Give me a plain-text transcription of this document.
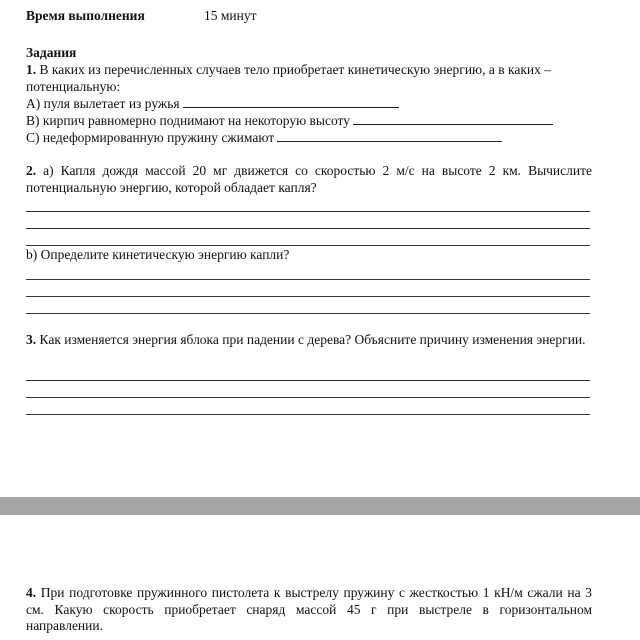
Время выполнения	15 минут
Задания
1. В каких из перечисленных случаев тело приобретает кинетическую энергию, а в каких – потенциальную:
A) пуля вылетает из ружья
B) кирпич равномерно поднимают на некоторую высоту
C) недеформированную пружину сжимают
2. a) Капля дождя массой 20 мг движется со скоростью 2 м/с на высоте 2 км. Вычислите потенциальную энергию, которой обладает капля?
b) Определите кинетическую энергию капли?
3. Как изменяется энергия яблока при падении с дерева? Объясните причину изменения энергии.
4. При подготовке пружинного пистолета к выстрелу пружину с жесткостью 1 кН/м сжали на 3 см. Какую скорость приобретает снаряд массой 45 г при выстреле в горизонтальном направлении.
